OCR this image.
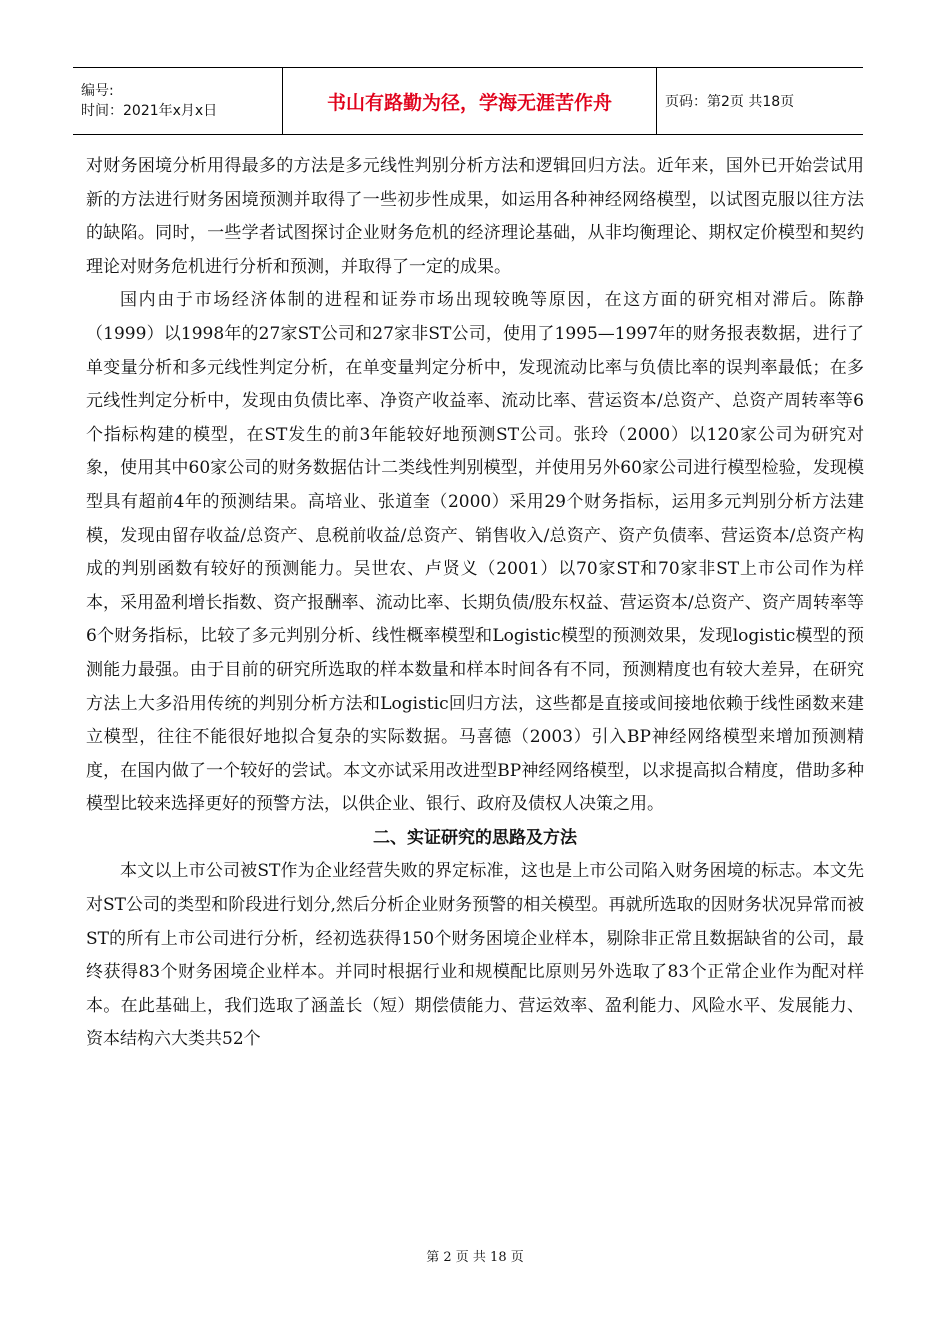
编号:
时间：2021年x月x日	书山有路勤为径，学海无涯苦作舟	页码：第2页 共18页

对财务困境分析用得最多的方法是多元线性判别分析方法和逻辑回归方法。近年来，国外已开始尝试用新的方法进行财务困境预测并取得了一些初步性成果，如运用各种神经网络模型，以试图克服以往方法的缺陷。同时，一些学者试图探讨企业财务危机的经济理论基础，从非均衡理论、期权定价模型和契约理论对财务危机进行分析和预测，并取得了一定的成果。

国内由于市场经济体制的进程和证券市场出现较晚等原因，在这方面的研究相对滞后。陈静（1999）以1998年的27家ST公司和27家非ST公司，使用了1995—1997年的财务报表数据，进行了单变量分析和多元线性判定分析，在单变量判定分析中，发现流动比率与负债比率的误判率最低；在多元线性判定分析中，发现由负债比率、净资产收益率、流动比率、营运资本/总资产、总资产周转率等6个指标构建的模型，在ST发生的前3年能较好地预测ST公司。张玲（2000）以120家公司为研究对象，使用其中60家公司的财务数据估计二类线性判别模型，并使用另外60家公司进行模型检验，发现模型具有超前4年的预测结果。高培业、张道奎（2000）采用29个财务指标，运用多元判别分析方法建模，发现由留存收益/总资产、息税前收益/总资产、销售收入/总资产、资产负债率、营运资本/总资产构成的判别函数有较好的预测能力。吴世农、卢贤义（2001）以70家ST和70家非ST上市公司作为样本，采用盈利增长指数、资产报酬率、流动比率、长期负债/股东权益、营运资本/总资产、资产周转率等6个财务指标，比较了多元判别分析、线性概率模型和Logistic模型的预测效果，发现logistic模型的预测能力最强。由于目前的研究所选取的样本数量和样本时间各有不同，预测精度也有较大差异，在研究方法上大多沿用传统的判别分析方法和Logistic回归方法，这些都是直接或间接地依赖于线性函数来建立模型，往往不能很好地拟合复杂的实际数据。马喜德（2003）引入BP神经网络模型来增加预测精度，在国内做了一个较好的尝试。本文亦试采用改进型BP神经网络模型，以求提高拟合精度，借助多种模型比较来选择更好的预警方法，以供企业、银行、政府及债权人决策之用。

二、实证研究的思路及方法

本文以上市公司被ST作为企业经营失败的界定标准，这也是上市公司陷入财务困境的标志。本文先对ST公司的类型和阶段进行划分,然后分析企业财务预警的相关模型。再就所选取的因财务状况异常而被ST的所有上市公司进行分析，经初选获得150个财务困境企业样本，剔除非正常且数据缺省的公司，最终获得83个财务困境企业样本。并同时根据行业和规模配比原则另外选取了83个正常企业作为配对样本。在此基础上，我们选取了涵盖长（短）期偿债能力、营运效率、盈利能力、风险水平、发展能力、资本结构六大类共52个

第 2 页 共 18 页
